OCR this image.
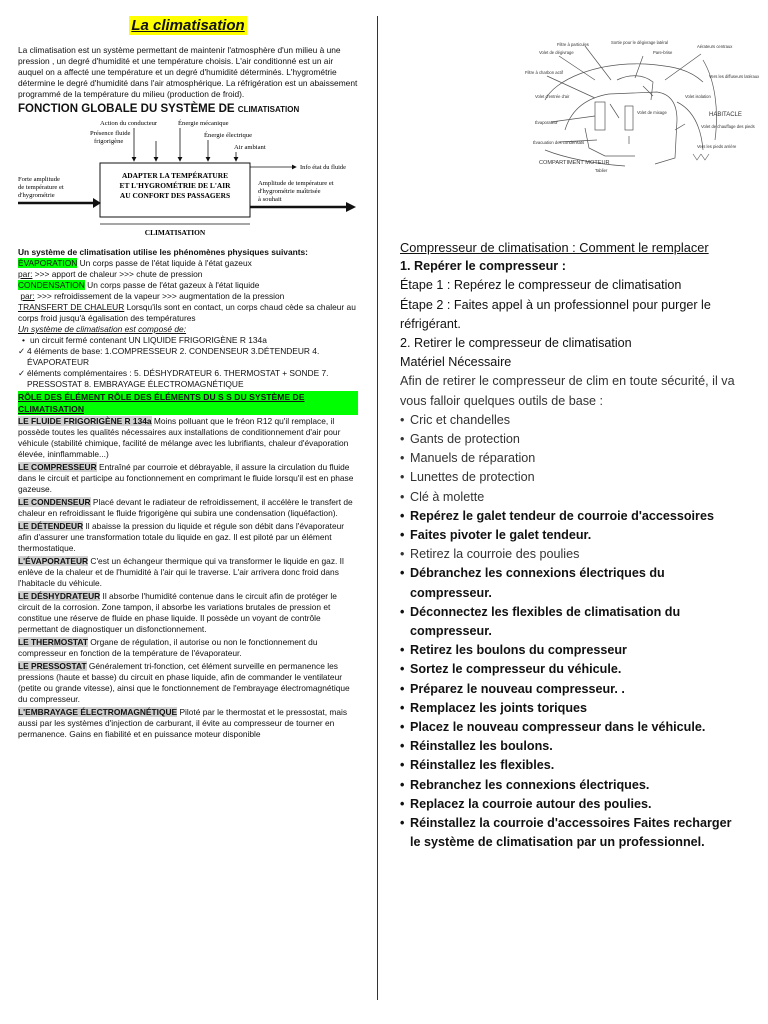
La climatisation

La climatisation est un système permettant de maintenir l'atmosphère d'un milieu à une pression , un degré d'humidité et une température choisis. L'air conditionné est un air auquel on a affecté une température et un degré d'humidité déterminés. L'hygrométrie détermine le degré d'humidité dans l'air atmosphérique. La réfrigération est un abaissement programmé de la température du milieu (production de froid).

FONCTION GLOBALE DU SYSTÈME DE CLIMATISATION

Action du conducteur	Énergie mécanique
Présence fluide
frigorigène
Énergie électrique
Air ambiant
Info état du fluide
ADAPTER LA TEMPÉRATURE
ET L'HYGROMÉTRIE DE L'AIR
AU CONFORT DES PASSAGERS
Forte amplitude
de température et
d'hygrométrie
Amplitude de température et
d'hygrométrie maîtrisée
à souhait
CLIMATISATION

Un système de climatisation utilise les phénomènes physiques suivants:

ÉVAPORATION Un corps passe de l'état liquide à l'état gazeux

par: >>> apport de chaleur >>> chute de pression

CONDENSATION Un corps passe de l'état gazeux à l'état liquide

par: >>> refroidissement de la vapeur >>> augmentation de la pression

TRANSFERT DE CHALEUR Lorsqu'ils sont en contact, un corps chaud cède sa chaleur au corps froid jusqu'à égalisation des températures

Un système de climatisation est composé de:

• un circuit fermé contenant UN LIQUIDE FRIGORIGÈNE R 134a

✓ 4 éléments de base: 1.COMPRESSEUR 2. CONDENSEUR 3.DÉTENDEUR 4. ÉVAPORATEUR

✓ éléments complémentaires : 5. DÉSHYDRATEUR 6. THERMOSTAT + SONDE 7. PRESSOSTAT 8. EMBRAYAGE ÉLECTROMAGNÉTIQUE

RÔLE DES ÉLÉMENT RÔLE DES ÉLÉMENTS DU S S DU SYSTÈME DE CLIMATISATION

LE FLUIDE FRIGORIGÈNE R 134a Moins polluant que le fréon R12 qu'il remplace, il possède toutes les qualités nécessaires aux installations de conditionnement d'air pour véhicule (stabilité chimique, facilité de mélange avec les lubrifiants, chaleur d'évaporation élevée, ininflammable...)

LE COMPRESSEUR Entraîné par courroie et débrayable, il assure la circulation du fluide dans le circuit et participe au fonctionnement en comprimant le fluide lorsqu'il est en phase gazeuse.

LE CONDENSEUR Placé devant le radiateur de refroidissement, il accélère le transfert de chaleur en refroidissant le fluide frigorigène qui subira une condensation (liquéfaction).

LE DÉTENDEUR Il abaisse la pression du liquide et régule son débit dans l'évaporateur afin d'assurer une transformation totale du liquide en gaz. Il est piloté par un élément thermostatique.

L'ÉVAPORATEUR C'est un échangeur thermique qui va transformer le liquide en gaz. Il enlève de la chaleur et de l'humidité à l'air qui le traverse. L'air arrivera donc froid dans l'habitacle du véhicule.

LE DÉSHYDRATEUR Il absorbe l'humidité contenue dans le circuit afin de protéger le circuit de la corrosion. Zone tampon, il absorbe les variations brutales de pression et constitue une réserve de fluide en phase liquide. Il possède un voyant de contrôle permettant de diagnostiquer un disfonctionnement.

LE THERMOSTAT Organe de régulation, il autorise ou non le fonctionnement du compresseur en fonction de la température de l'évaporateur.

LE PRESSOSTAT Généralement tri-fonction, cet élément surveille en permanence les pressions (haute et basse) du circuit en phase liquide, afin de commander le ventilateur (petite ou grande vitesse), ainsi que le fonctionnement de l'embrayage électromagnétique du compresseur.

L'EMBRAYAGE ÉLECTROMAGNÉTIQUE Piloté par le thermostat et le pressostat, mais aussi par les systèmes d'injection de carburant, il évite au compresseur de tourner en permanence. Gains en fiabilité et en puissance moteur disponible

Filtre à particules
Volet de dégivrage
Sortie pour le dégivrage latéral
Pare-brise
Aérateurs centraux
Filtre à charbon actif
Volet d'entrée d'air
Vers les diffuseurs latéraux
Volet isolation
Évaporateur
Volet de mixage	HABITACLE
Volet de chauffage des pieds
Vers les pieds arrière
Évacuation des condensats
COMPARTIMENT MOTEUR
Tablier

Compresseur de climatisation : Comment le remplacer

1. Repérer le compresseur :

Étape 1 : Repérez le compresseur de climatisation

Étape 2 : Faites appel à un professionnel pour purger le réfrigérant.

2. Retirer le compresseur de climatisation

Matériel Nécessaire

Afin de retirer le compresseur de clim en toute sécurité, il va vous falloir quelques outils de base :

• Cric et chandelles

• Gants de protection

• Manuels de réparation

• Lunettes de protection

• Clé à molette

• Repérez le galet tendeur de courroie d'accessoires

• Faites pivoter le galet tendeur.

• Retirez la courroie des poulies

• Débranchez les connexions électriques du compresseur.

• Déconnectez les flexibles de climatisation du compresseur.

• Retirez les boulons du compresseur

• Sortez le compresseur du véhicule.

• Préparez le nouveau compresseur. .

• Remplacez les joints toriques

• Placez le nouveau compresseur dans le véhicule.

• Réinstallez les boulons.

• Réinstallez les flexibles.

• Rebranchez les connexions électriques.

• Replacez la courroie autour des poulies.

• Réinstallez la courroie d'accessoires Faites recharger le système de climatisation par un professionnel.
